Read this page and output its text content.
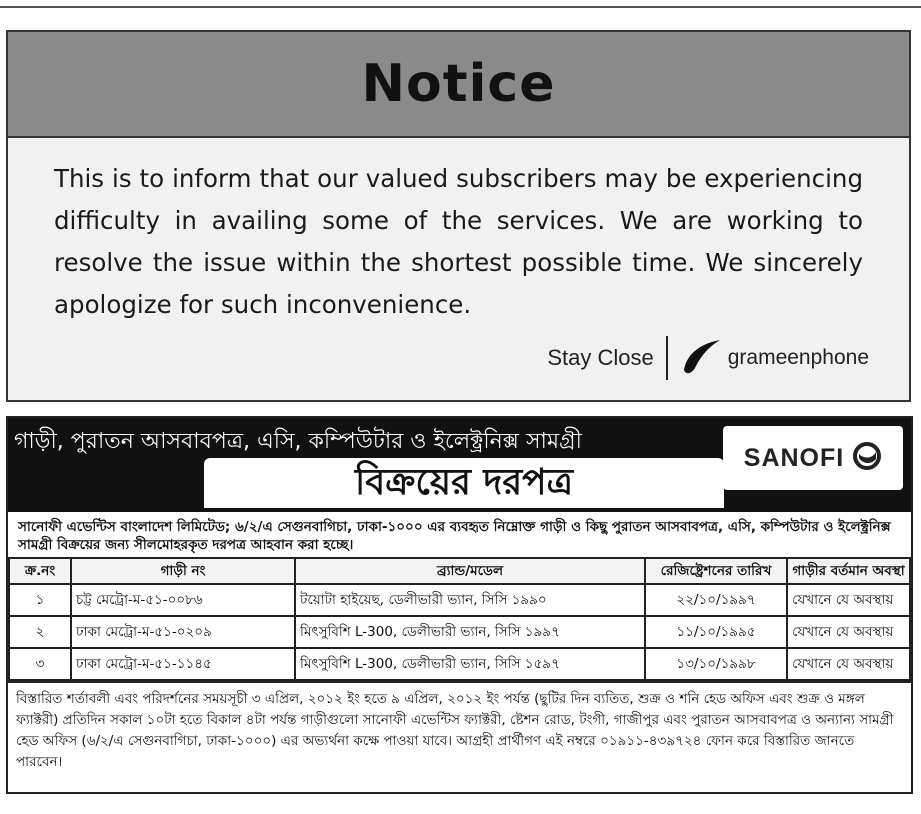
Notice

This is to inform that our valued subscribers may be experiencing difficulty in availing some of the services. We are working to resolve the issue within the shortest possible time. We sincerely apologize for such inconvenience.

Stay Close	grameenphone
গাড়ী, পুরাতন আসবাবপত্র, এসি, কম্পিউটার ও ইলেক্ট্রনিক্স সামগ্রী
বিক্রয়ের দরপত্র
SANOFI
সানোফী এভেন্টিস বাংলাদেশ লিমিটেড; ৬/২/এ সেগুনবাগিচা, ঢাকা-১০০০ এর ব্যবহৃত নিম্নোক্ত গাড়ী ও কিছু পুরাতন আসবাবপত্র, এসি, কম্পিউটার ও ইলেক্ট্রনিক্স সামগ্রী বিক্রয়ের জন্য সীলমোহরকৃত দরপত্র আহবান করা হচ্ছে।
ক্র.নং	গাড়ী নং	ব্র্যান্ড/মডেল	রেজিষ্ট্রেশনের তারিখ	গাড়ীর বর্তমান অবস্থা
১	চট্ট মেট্রো-ম-৫১-০০৮৬	টয়োটা হাইয়েছ, ডেলীভারী ভ্যান, সিসি ১৯৯০	২২/১০/১৯৯৭	যেখানে যে অবস্থায়
২	ঢাকা মেট্রো-ম-৫১-০২০৯	মিৎসুবিশি L-300, ডেলীভারী ভ্যান, সিসি ১৯৯৭	১১/১০/১৯৯৫	যেখানে যে অবস্থায়
৩	ঢাকা মেট্রো-ম-৫১-১১৪৫	মিৎসুবিশি L-300, ডেলীভারী ভ্যান, সিসি ১৫৯৭	১৩/১০/১৯৯৮	যেখানে যে অবস্থায়
বিস্তারিত শর্তাবলী এবং পরিদর্শনের সময়সূচী ৩ এপ্রিল, ২০১২ ইং হতে ৯ এপ্রিল, ২০১২ ইং পর্যন্ত (ছুটির দিন ব্যতিত, শুক্র ও শনি হেড অফিস এবং শুক্র ও মঙ্গল ফ্যাক্টরী) প্রতিদিন সকাল ১০টা হতে বিকাল ৪টা পর্যন্ত গাড়ীগুলো সানোফী এভেন্টিস ফ্যাক্টরী, ষ্টেশন রোড, টংগী, গাজীপুর এবং পুরাতন আসবাবপত্র ও অন্যান্য সামগ্রী হেড অফিস (৬/২/এ সেগুনবাগিচা, ঢাকা-১০০০) এর অভ্যর্থনা কক্ষে পাওয়া যাবে। আগ্রহী প্রার্থীগণ এই নম্বরে ০১৯১১-৪৩৯৭২৪ ফোন করে বিস্তারিত জানতে পারবেন।
